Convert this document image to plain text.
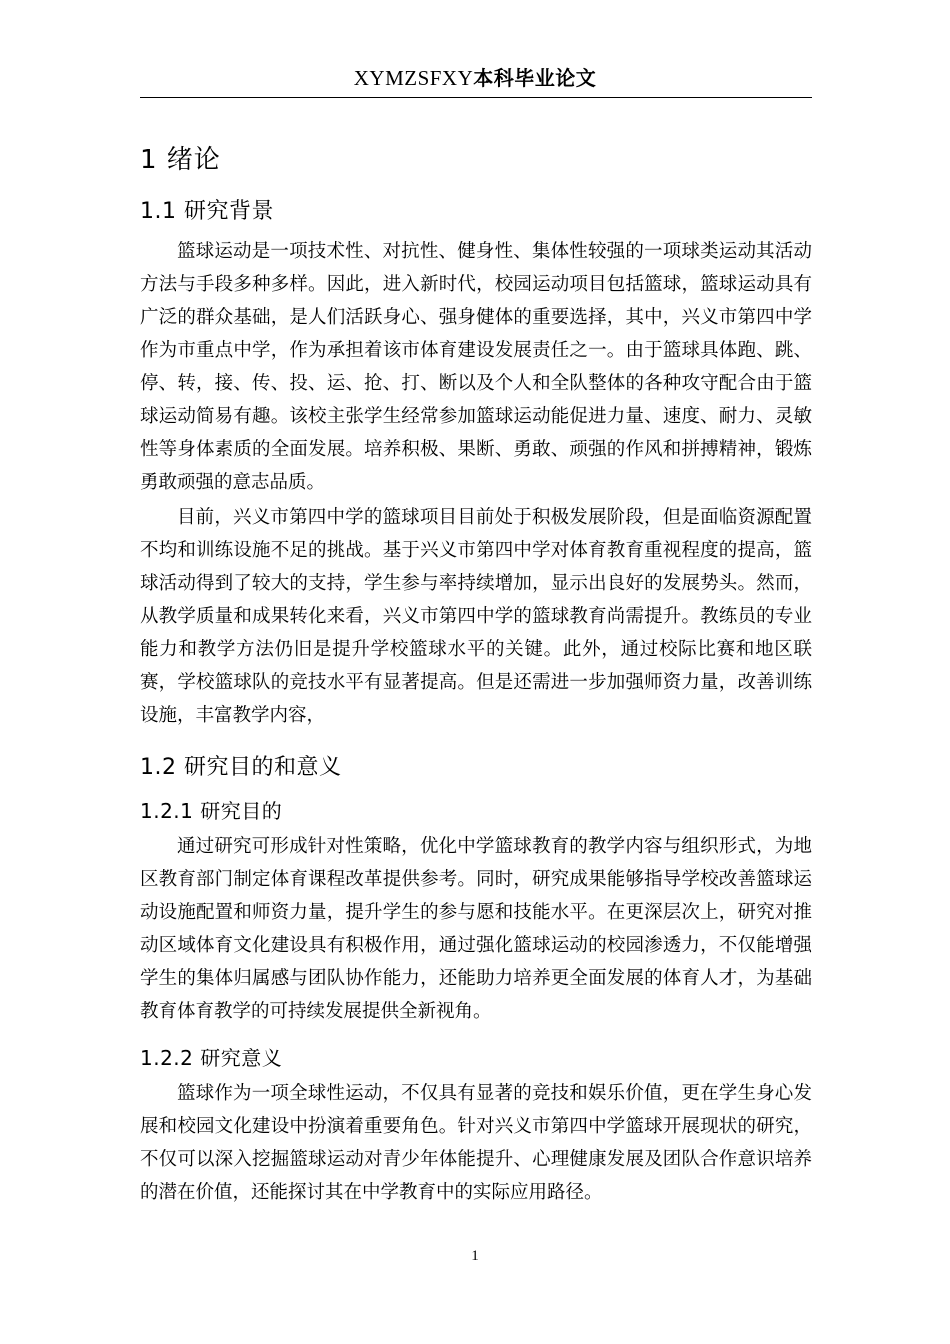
XYMZSFXY本科毕业论文
1 绪论
1.1 研究背景

篮球运动是一项技术性、对抗性、健身性、集体性较强的一项球类运动其活动方法与手段多种多样。因此，进入新时代，校园运动项目包括篮球，篮球运动具有广泛的群众基础，是人们活跃身心、强身健体的重要选择，其中，兴义市第四中学作为市重点中学，作为承担着该市体育建设发展责任之一。由于篮球具体跑、跳、停、转，接、传、投、运、抢、打、断以及个人和全队整体的各种攻守配合由于篮球运动简易有趣。该校主张学生经常参加篮球运动能促进力量、速度、耐力、灵敏性等身体素质的全面发展。培养积极、果断、勇敢、顽强的作风和拼搏精神，锻炼勇敢顽强的意志品质。

目前，兴义市第四中学的篮球项目目前处于积极发展阶段，但是面临资源配置不均和训练设施不足的挑战。基于兴义市第四中学对体育教育重视程度的提高，篮球活动得到了较大的支持，学生参与率持续增加，显示出良好的发展势头。然而，从教学质量和成果转化来看，兴义市第四中学的篮球教育尚需提升。教练员的专业能力和教学方法仍旧是提升学校篮球水平的关键。此外，通过校际比赛和地区联赛，学校篮球队的竞技水平有显著提高。但是还需进一步加强师资力量，改善训练设施，丰富教学内容，

1.2 研究目的和意义
1.2.1 研究目的

通过研究可形成针对性策略，优化中学篮球教育的教学内容与组织形式，为地区教育部门制定体育课程改革提供参考。同时，研究成果能够指导学校改善篮球运动设施配置和师资力量，提升学生的参与愿和技能水平。在更深层次上，研究对推动区域体育文化建设具有积极作用，通过强化篮球运动的校园渗透力，不仅能增强学生的集体归属感与团队协作能力，还能助力培养更全面发展的体育人才，为基础教育体育教学的可持续发展提供全新视角。

1.2.2 研究意义

篮球作为一项全球性运动，不仅具有显著的竞技和娱乐价值，更在学生身心发展和校园文化建设中扮演着重要角色。针对兴义市第四中学篮球开展现状的研究，不仅可以深入挖掘篮球运动对青少年体能提升、心理健康发展及团队合作意识培养的潜在价值，还能探讨其在中学教育中的实际应用路径。

1
